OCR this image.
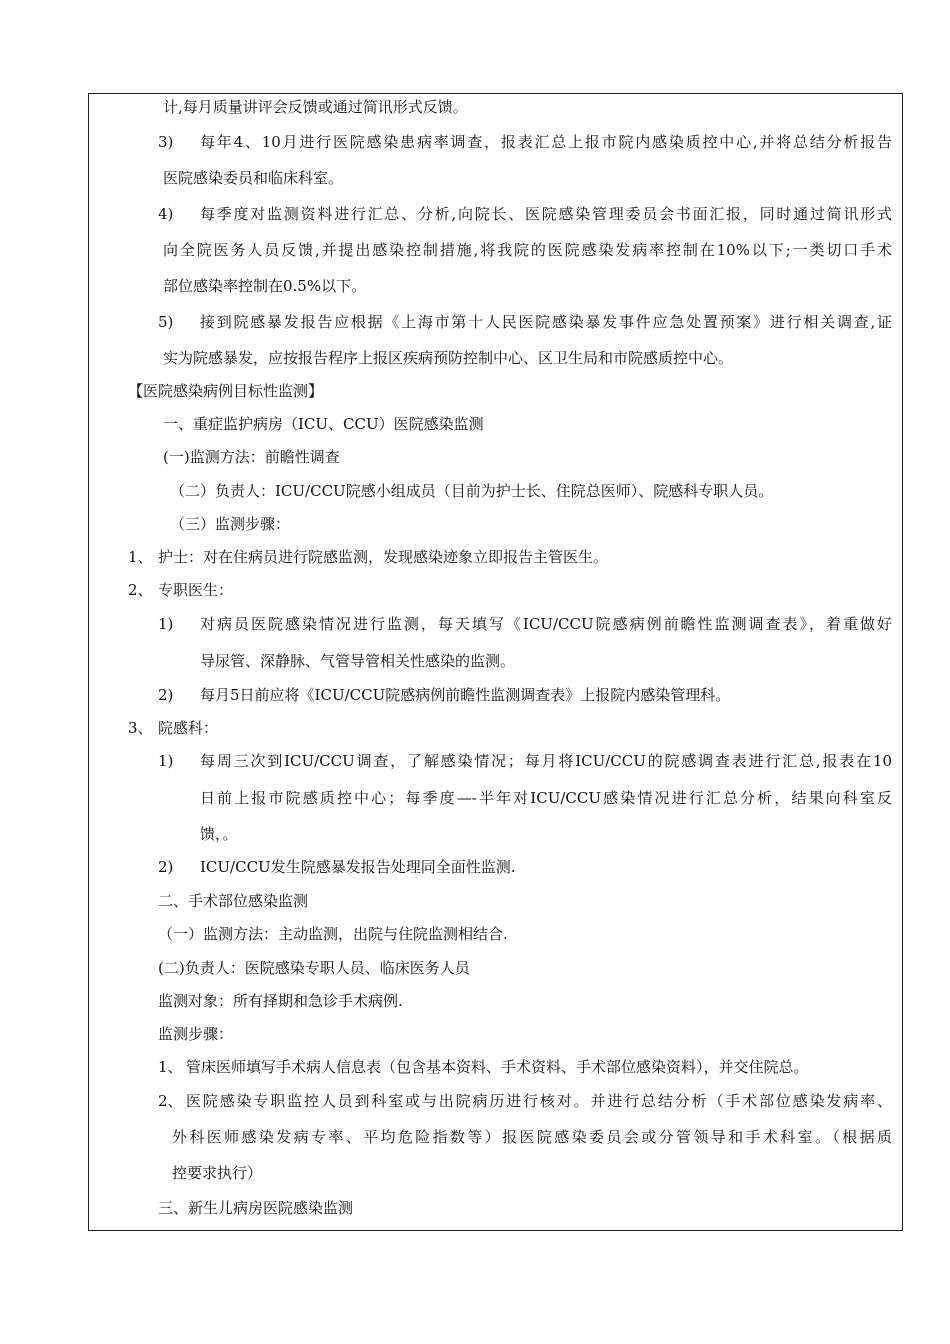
计,每月质量讲评会反馈或通过简讯形式反馈。
3) 每年4、10月进行医院感染患病率调查，报表汇总上报市院内感染质控中心,并将总结分析报告
医院感染委员和临床科室。
4) 每季度对监测资料进行汇总、分析,向院长、医院感染管理委员会书面汇报，同时通过简讯形式
向全院医务人员反馈,并提出感染控制措施,将我院的医院感染发病率控制在10%以下;一类切口手术
部位感染率控制在0.5%以下。
5) 接到院感暴发报告应根据《上海市第十人民医院感染暴发事件应急处置预案》进行相关调查,证
实为院感暴发，应按报告程序上报区疾病预防控制中心、区卫生局和市院感质控中心。
【医院感染病例目标性监测】
一、重症监护病房（ICU、CCU）医院感染监测
(一)监测方法：前瞻性调查
（二）负责人：ICU/CCU院感小组成员（目前为护士长、住院总医师）、院感科专职人员。
（三）监测步骤：
1、 护士：对在住病员进行院感监测，发现感染迹象立即报告主管医生。
2、 专职医生：
1) 对病员医院感染情况进行监测，每天填写《ICU/CCU院感病例前瞻性监测调查表》，着重做好
导尿管、深静脉、气管导管相关性感染的监测。
2) 每月5日前应将《ICU/CCU院感病例前瞻性监测调查表》上报院内感染管理科。
3、 院感科：
1) 每周三次到ICU/CCU调查，了解感染情况；每月将ICU/CCU的院感调查表进行汇总,报表在10
日前上报市院感质控中心；每季度—-半年对ICU/CCU感染情况进行汇总分析，结果向科室反
馈，。
2) ICU/CCU发生院感暴发报告处理同全面性监测.
二、手术部位感染监测
（一）监测方法：主动监测，出院与住院监测相结合.
(二)负责人：医院感染专职人员、临床医务人员
监测对象：所有择期和急诊手术病例.
监测步骤：
1、 管床医师填写手术病人信息表（包含基本资料、手术资料、手术部位感染资料），并交住院总。
2、 医院感染专职监控人员到科室或与出院病历进行核对。并进行总结分析（手术部位感染发病率、
外科医师感染发病专率、平均危险指数等）报医院感染委员会或分管领导和手术科室。（根据质
控要求执行）
三、新生儿病房医院感染监测
